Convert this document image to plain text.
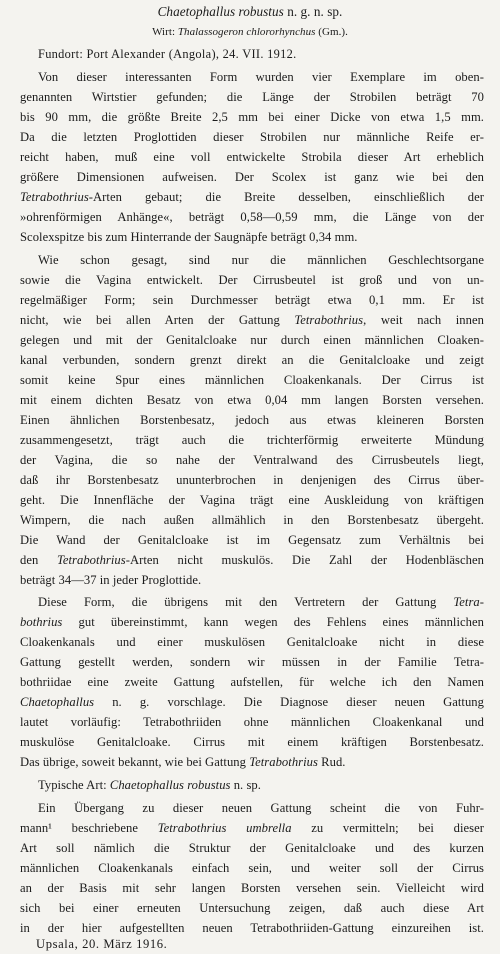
Chaetophallus robustus n. g. n. sp.
Wirt: Thalassogeron chlororhynchus (Gm.).
Fundort: Port Alexander (Angola), 24. VII. 1912.
Von dieser interessanten Form wurden vier Exemplare im oben-
genannten Wirtstier gefunden; die Länge der Strobilen beträgt 70
bis 90 mm, die größte Breite 2,5 mm bei einer Dicke von etwa 1,5 mm.
Da die letzten Proglottiden dieser Strobilen nur männliche Reife er-
reicht haben, muß eine voll entwickelte Strobila dieser Art erheblich
größere Dimensionen aufweisen. Der Scolex ist ganz wie bei den
Tetrabothrius-Arten gebaut; die Breite desselben, einschließlich der
»ohrenförmigen Anhänge«, beträgt 0,58—0,59 mm, die Länge von der
Scolexspitze bis zum Hinterrande der Saugnäpfe beträgt 0,34 mm.
Wie schon gesagt, sind nur die männlichen Geschlechtsorgane
sowie die Vagina entwickelt. Der Cirrusbeutel ist groß und von un-
regelmäßiger Form; sein Durchmesser beträgt etwa 0,1 mm. Er ist
nicht, wie bei allen Arten der Gattung Tetrabothrius, weit nach innen
gelegen und mit der Genitalcloake nur durch einen männlichen Cloaken-
kanal verbunden, sondern grenzt direkt an die Genitalcloake und zeigt
somit keine Spur eines männlichen Cloakenkanals. Der Cirrus ist
mit einem dichten Besatz von etwa 0,04 mm langen Borsten versehen.
Einen ähnlichen Borstenbesatz, jedoch aus etwas kleineren Borsten
zusammengesetzt, trägt auch die trichterförmig erweiterte Mündung
der Vagina, die so nahe der Ventralwand des Cirrusbeutels liegt,
daß ihr Borstenbesatz ununterbrochen in denjenigen des Cirrus über-
geht. Die Innenfläche der Vagina trägt eine Auskleidung von kräftigen
Wimpern, die nach außen allmählich in den Borstenbesatz übergeht.
Die Wand der Genitalcloake ist im Gegensatz zum Verhältnis bei
den Tetrabothrius-Arten nicht muskulös. Die Zahl der Hodenbläschen
beträgt 34—37 in jeder Proglottide.
Diese Form, die übrigens mit den Vertretern der Gattung Tetra-
bothrius gut übereinstimmt, kann wegen des Fehlens eines männlichen
Cloakenkanals und einer muskulösen Genitalcloake nicht in diese
Gattung gestellt werden, sondern wir müssen in der Familie Tetra-
bothriidae eine zweite Gattung aufstellen, für welche ich den Namen
Chaetophallus n. g. vorschlage. Die Diagnose dieser neuen Gattung
lautet vorläufig: Tetrabothriiden ohne männlichen Cloakenkanal und
muskulöse Genitalcloake. Cirrus mit einem kräftigen Borstenbesatz.
Das übrige, soweit bekannt, wie bei Gattung Tetrabothrius Rud.
Typische Art: Chaetophallus robustus n. sp.
Ein Übergang zu dieser neuen Gattung scheint die von Fuhr-
mann¹ beschriebene Tetrabothrius umbrella zu vermitteln; bei dieser
Art soll nämlich die Struktur der Genitalcloake und des kurzen
männlichen Cloakenkanals einfach sein, und weiter soll der Cirrus
an der Basis mit sehr langen Borsten versehen sein. Vielleicht wird
sich bei einer erneuten Untersuchung zeigen, daß auch diese Art
in der hier aufgestellten neuen Tetrabothriiden-Gattung einzureihen ist.
Upsala, 20. März 1916.
